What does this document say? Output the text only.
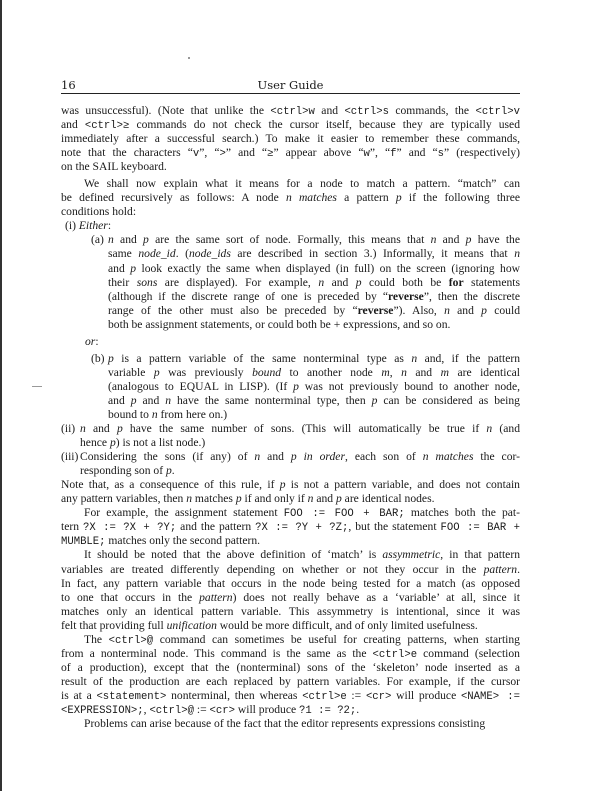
16	User Guide
was unsuccessful). (Note that unlike the <ctrl>w and <ctrl>s commands, the <ctrl>v
and <ctrl>≥ commands do not check the cursor itself, because they are typically used
immediately after a successful search.) To make it easier to remember these commands,
note that the characters “v”, “>” and “≥” appear above “w”, “f” and “s” (respectively)
on the SAIL keyboard.
We shall now explain what it means for a node to match a pattern. “match” can
be defined recursively as follows: A node n matches a pattern p if the following three
conditions hold:
(i) Either:
(a)n and p are the same sort of node. Formally, this means that n and p have the
same node_id. (node_ids are described in section 3.) Informally, it means that n
and p look exactly the same when displayed (in full) on the screen (ignoring how
their sons are displayed). For example, n and p could both be for statements
(although if the discrete range of one is preceded by “reverse”, then the discrete
range of the other must also be preceded by “reverse”). Also, n and p could
both be assignment statements, or could both be + expressions, and so on.
or:
(b)p is a pattern variable of the same nonterminal type as n and, if the pattern
variable p was previously bound to another node m, n and m are identical
(analogous to EQUAL in LISP). (If p was not previously bound to another node,
and p and n have the same nonterminal type, then p can be considered as being
bound to n from here on.)
(ii)n and p have the same number of sons. (This will automatically be true if n (and
hence p) is not a list node.)
(iii)Considering the sons (if any) of n and p in order, each son of n matches the cor-
responding son of p.
Note that, as a consequence of this rule, if p is not a pattern variable, and does not contain
any pattern variables, then n matches p if and only if n and p are identical nodes.
For example, the assignment statement FOO := FOO + BAR; matches both the pat-
tern ?X := ?X + ?Y; and the pattern ?X := ?Y + ?Z;, but the statement FOO := BAR +
MUMBLE; matches only the second pattern.
It should be noted that the above definition of ‘match’ is assymmetric, in that pattern
variables are treated differently depending on whether or not they occur in the pattern.
In fact, any pattern variable that occurs in the node being tested for a match (as opposed
to one that occurs in the pattern) does not really behave as a ‘variable’ at all, since it
matches only an identical pattern variable. This assymmetry is intentional, since it was
felt that providing full unification would be more difficult, and of only limited usefulness.
The <ctrl>@ command can sometimes be useful for creating patterns, when starting
from a nonterminal node. This command is the same as the <ctrl>e command (selection
of a production), except that the (nonterminal) sons of the ‘skeleton’ node inserted as a
result of the production are each replaced by pattern variables. For example, if the cursor
is at a <statement> nonterminal, then whereas <ctrl>e := <cr> will produce <NAME> :=
<EXPRESSION>;, <ctrl>@ := <cr> will produce ?1 := ?2;.
Problems can arise because of the fact that the editor represents expressions consisting
